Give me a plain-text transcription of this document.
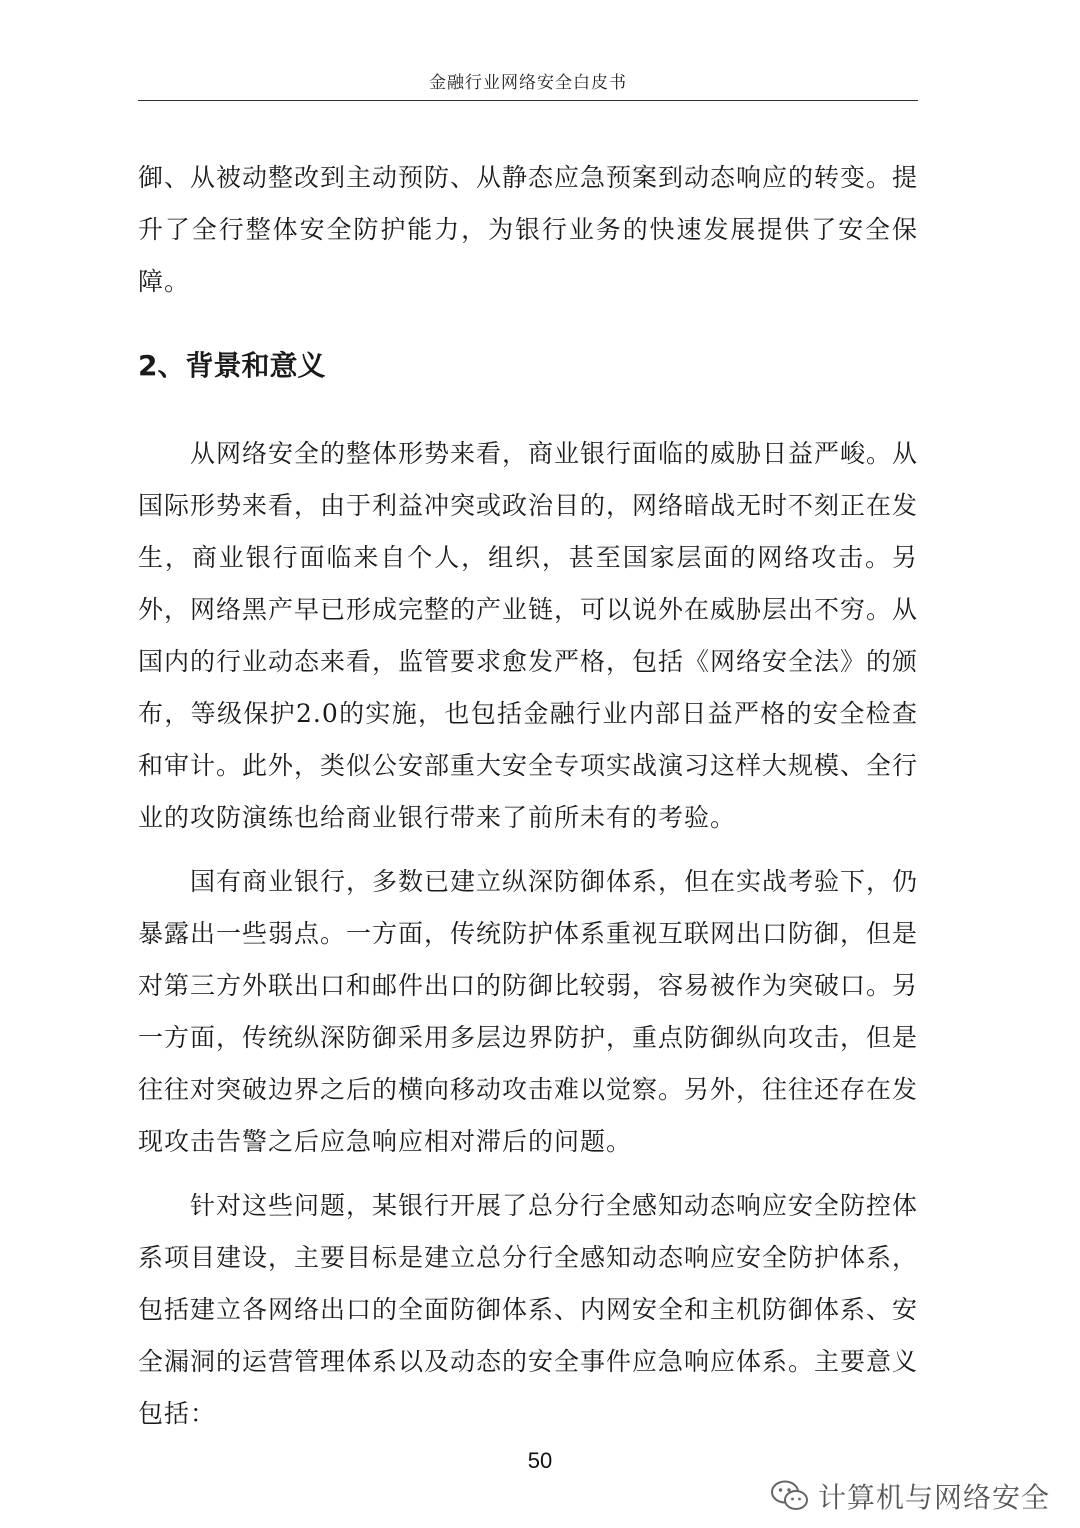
金融行业网络安全白皮书

御、从被动整改到主动预防、从静态应急预案到动态响应的转变。提升了全行整体安全防护能力，为银行业务的快速发展提供了安全保障。

2、背景和意义

从网络安全的整体形势来看，商业银行面临的威胁日益严峻。从国际形势来看，由于利益冲突或政治目的，网络暗战无时不刻正在发生，商业银行面临来自个人，组织，甚至国家层面的网络攻击。另外，网络黑产早已形成完整的产业链，可以说外在威胁层出不穷。从国内的行业动态来看，监管要求愈发严格，包括《网络安全法》的颁布，等级保护2.0的实施，也包括金融行业内部日益严格的安全检查和审计。此外，类似公安部重大安全专项实战演习这样大规模、全行业的攻防演练也给商业银行带来了前所未有的考验。

国有商业银行，多数已建立纵深防御体系，但在实战考验下，仍暴露出一些弱点。一方面，传统防护体系重视互联网出口防御，但是对第三方外联出口和邮件出口的防御比较弱，容易被作为突破口。另一方面，传统纵深防御采用多层边界防护，重点防御纵向攻击，但是往往对突破边界之后的横向移动攻击难以觉察。另外，往往还存在发现攻击告警之后应急响应相对滞后的问题。

针对这些问题，某银行开展了总分行全感知动态响应安全防控体系项目建设，主要目标是建立总分行全感知动态响应安全防护体系，包括建立各网络出口的全面防御体系、内网安全和主机防御体系、安全漏洞的运营管理体系以及动态的安全事件应急响应体系。主要意义包括：

50
计算机与网络安全
